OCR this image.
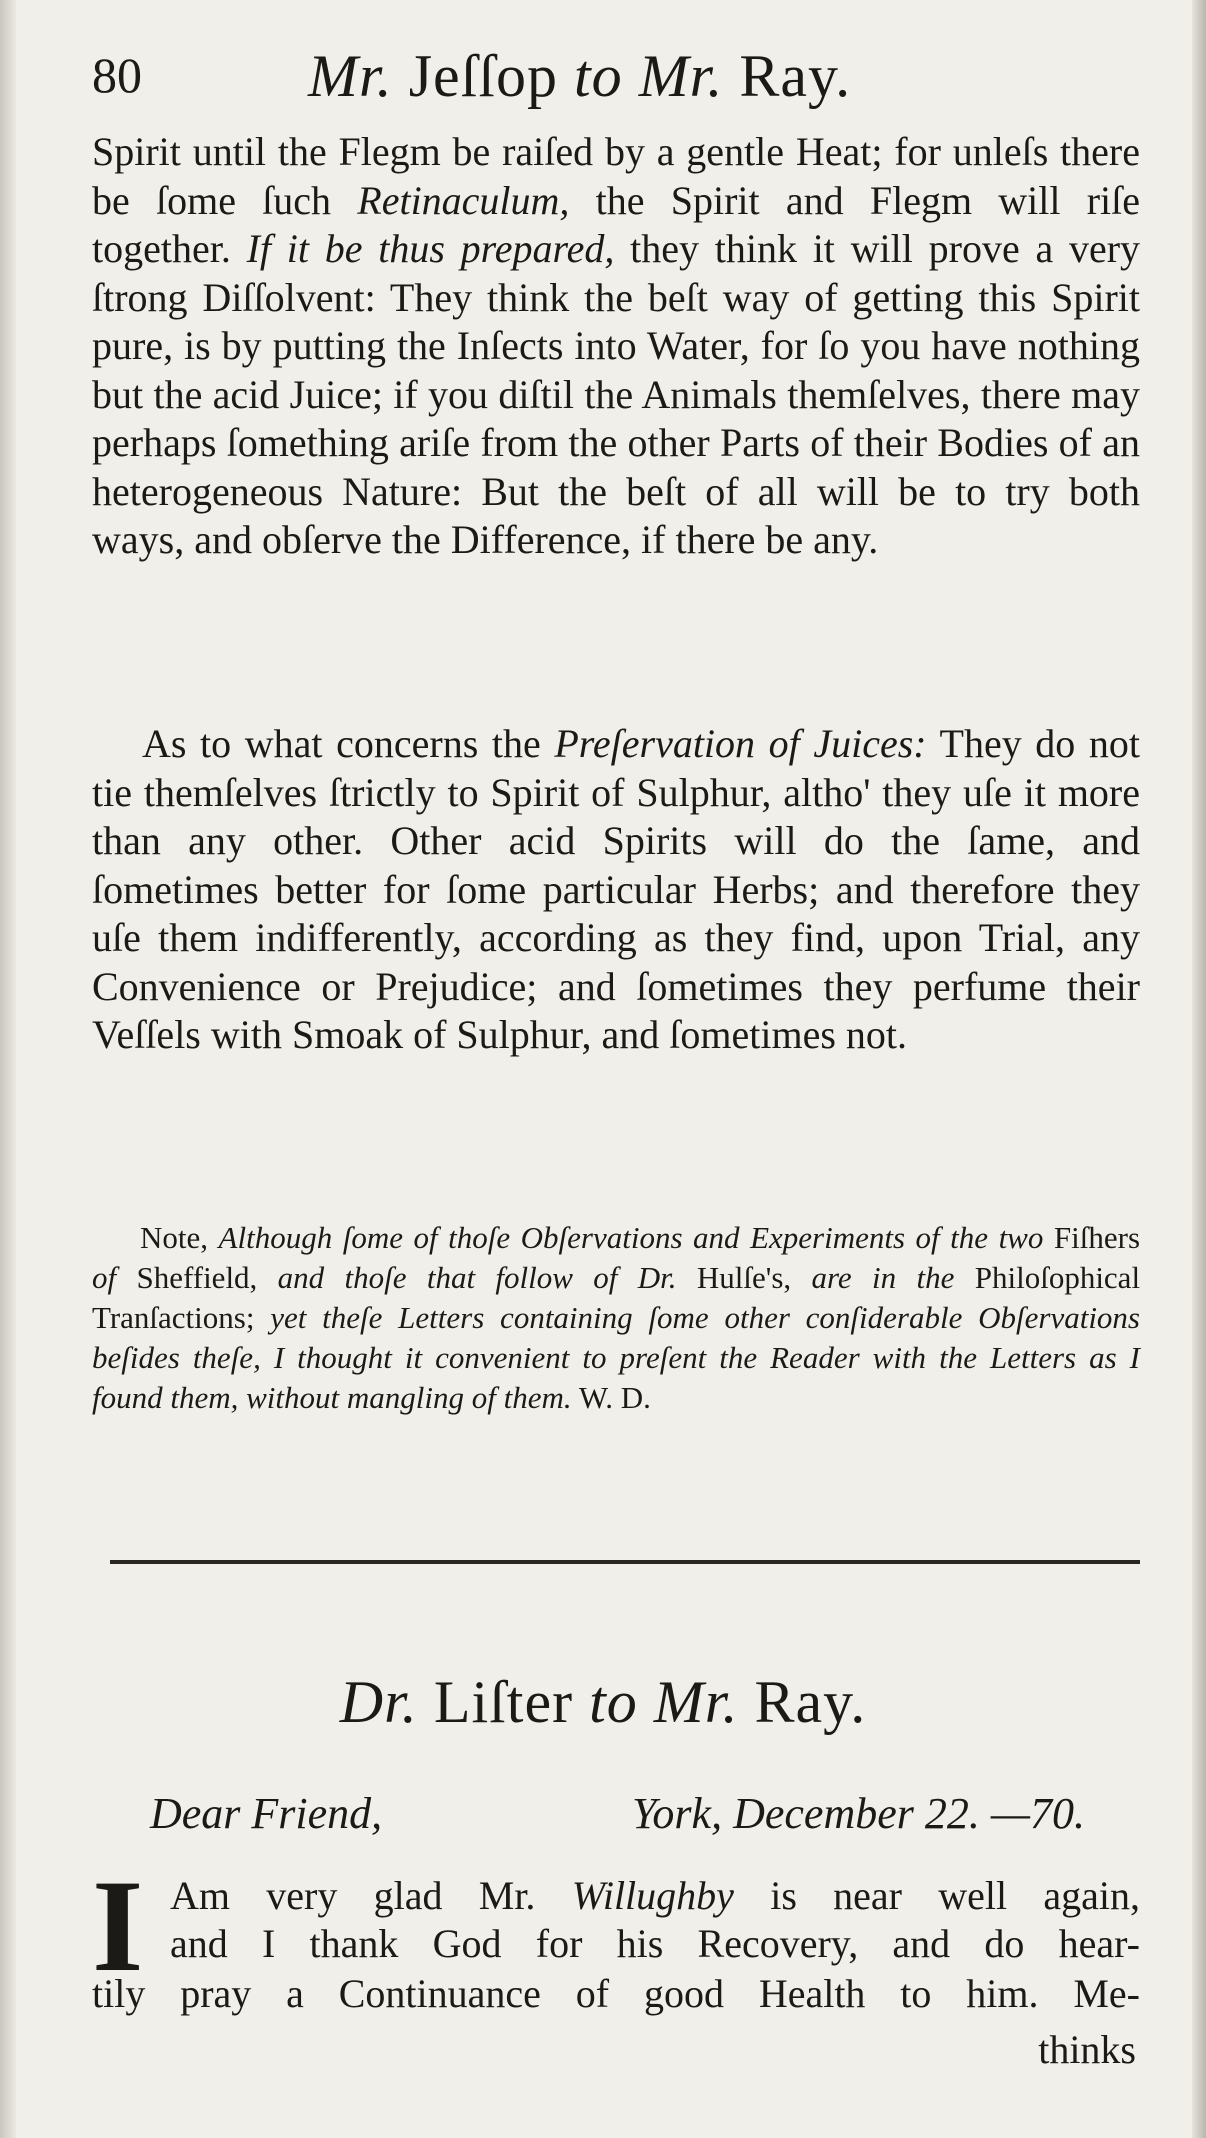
80	Mr. Jeſſop to Mr. Ray.

Spirit until the Flegm be raiſed by a gentle Heat; for unleſs there be ſome ſuch Retinaculum, the Spirit and Flegm will riſe together. If it be thus prepared, they think it will prove a very ſtrong Diſſolvent: They think the beſt way of getting this Spirit pure, is by putting the Inſects into Water, for ſo you have nothing but the acid Juice; if you diſtil the Animals themſelves, there may perhaps ſomething ariſe from the other Parts of their Bodies of an heterogeneous Nature: But the beſt of all will be to try both ways, and obſerve the Difference, if there be any.

As to what concerns the Preſervation of Juices: They do not tie themſelves ſtrictly to Spirit of Sulphur, altho' they uſe it more than any other. Other acid Spirits will do the ſame, and ſometimes better for ſome particular Herbs; and therefore they uſe them indifferently, according as they find, upon Trial, any Convenience or Prejudice; and ſometimes they perfume their Veſſels with Smoak of Sulphur, and ſometimes not.

Note, Although ſome of thoſe Obſervations and Experiments of the two Fiſhers of Sheffield, and thoſe that follow of Dr. Hulſe's, are in the Philoſophical Tranſactions; yet theſe Letters containing ſome other conſiderable Obſervations beſides theſe, I thought it convenient to preſent the Reader with the Letters as I found them, without mangling of them. W. D.

Dr. Liſter to Mr. Ray.
Dear Friend,	York, December 22. —70.
I Am very glad Mr. Willughby is near well again,

and I thank God for his Recovery, and do hear-

tily pray a Continuance of good Health to him. Me-

thinks
